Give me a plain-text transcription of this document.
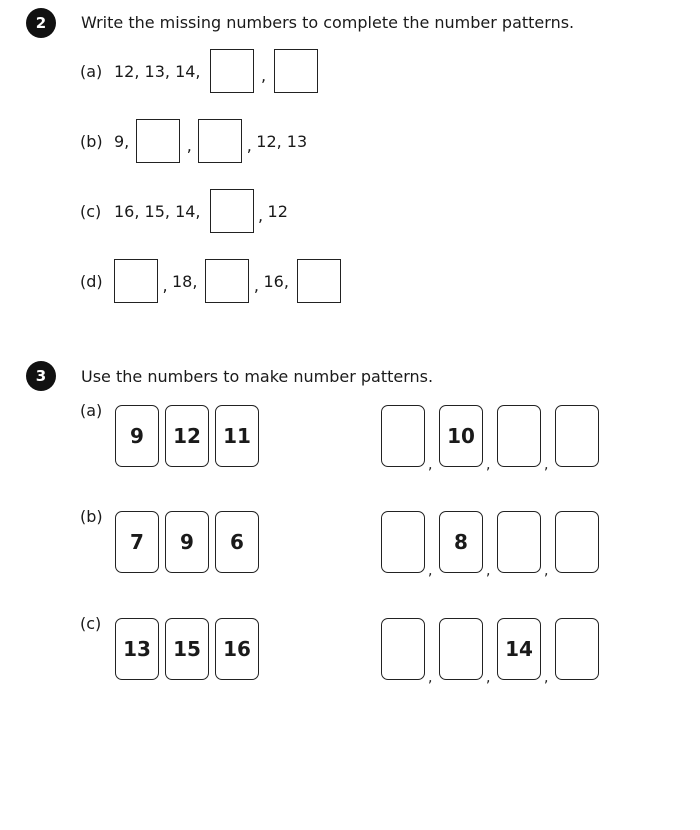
2	Write the missing numbers to complete the number patterns.
(a) 12, 13, 14,	,
(b) 9,	,	, 12, 13
(c) 16, 15, 14,	, 12
(d)	, 18,	, 16,
3	Use the numbers to make number patterns.
(a)
9	12	11
,
10
,	,
(b)
7	9	6
,
8
,	,
(c)
13	15	16
,	,
14
,
